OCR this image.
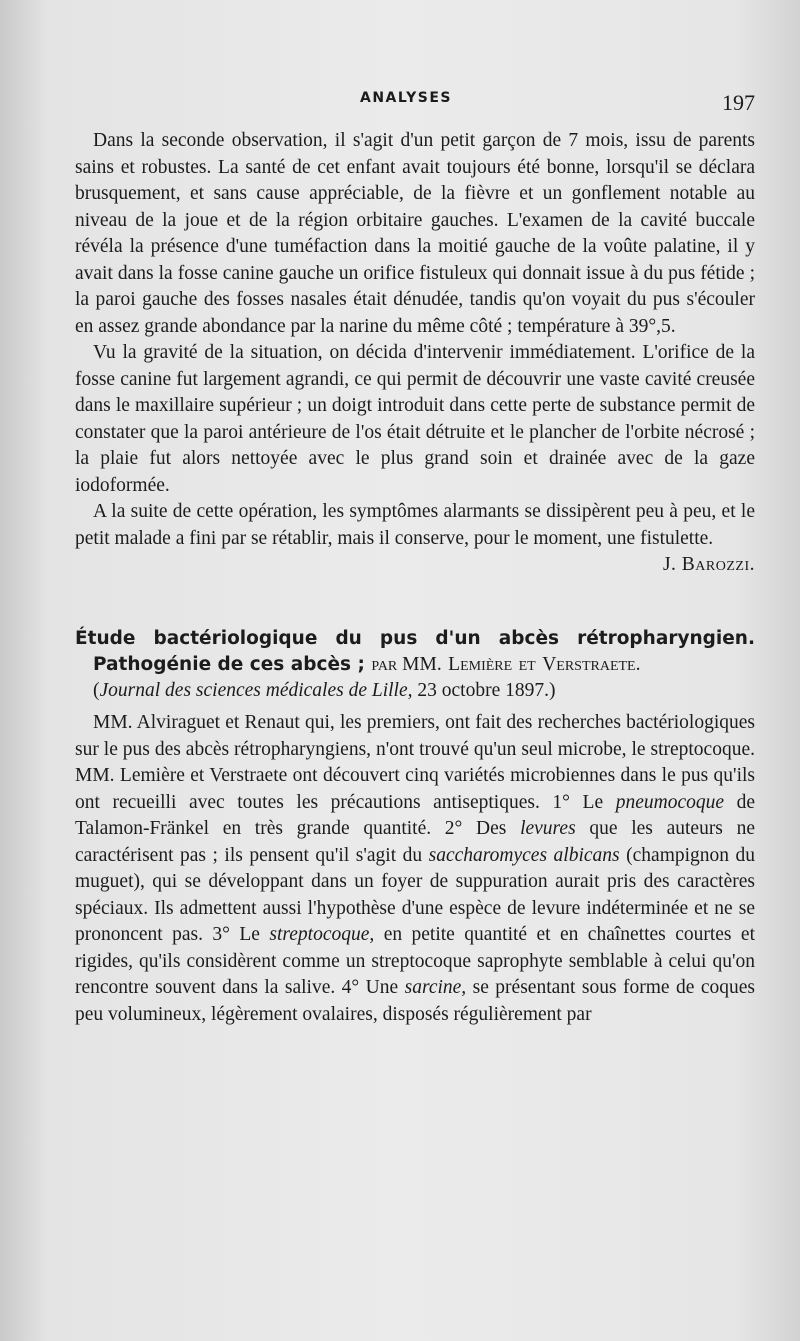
ANALYSES	197

Dans la seconde observation, il s'agit d'un petit garçon de 7 mois, issu de parents sains et robustes. La santé de cet enfant avait toujours été bonne, lorsqu'il se déclara brusquement, et sans cause appréciable, de la fièvre et un gonflement notable au niveau de la joue et de la région orbitaire gauches. L'examen de la cavité buccale révéla la présence d'une tuméfaction dans la moitié gauche de la voûte palatine, il y avait dans la fosse canine gauche un orifice fistuleux qui donnait issue à du pus fétide ; la paroi gauche des fosses nasales était dénudée, tandis qu'on voyait du pus s'écouler en assez grande abondance par la narine du même côté ; température à 39°,5.

Vu la gravité de la situation, on décida d'intervenir immédiatement. L'orifice de la fosse canine fut largement agrandi, ce qui permit de découvrir une vaste cavité creusée dans le maxillaire supérieur ; un doigt introduit dans cette perte de substance permit de constater que la paroi antérieure de l'os était détruite et le plancher de l'orbite nécrosé ; la plaie fut alors nettoyée avec le plus grand soin et drainée avec de la gaze iodoformée.

A la suite de cette opération, les symptômes alarmants se dissipèrent peu à peu, et le petit malade a fini par se rétablir, mais il conserve, pour le moment, une fistulette.
J. Barozzi.

Étude bactériologique du pus d'un abcès rétropharyngien.
Pathogénie de ces abcès ; par MM. Lemière et Verstraete.

(Journal des sciences médicales de Lille, 23 octobre 1897.)

MM. Alviraguet et Renaut qui, les premiers, ont fait des recherches bactériologiques sur le pus des abcès rétropharyngiens, n'ont trouvé qu'un seul microbe, le streptocoque. MM. Lemière et Verstraete ont découvert cinq variétés microbiennes dans le pus qu'ils ont recueilli avec toutes les précautions antiseptiques. 1° Le pneumocoque de Talamon-Fränkel en très grande quantité. 2° Des levures que les auteurs ne caractérisent pas ; ils pensent qu'il s'agit du saccharomyces albicans (champignon du muguet), qui se développant dans un foyer de suppuration aurait pris des caractères spéciaux. Ils admettent aussi l'hypothèse d'une espèce de levure indéterminée et ne se prononcent pas. 3° Le streptocoque, en petite quantité et en chaînettes courtes et rigides, qu'ils considèrent comme un streptocoque saprophyte semblable à celui qu'on rencontre souvent dans la salive. 4° Une sarcine, se présentant sous forme de coques peu volumineux, légèrement ovalaires, disposés régulièrement par
